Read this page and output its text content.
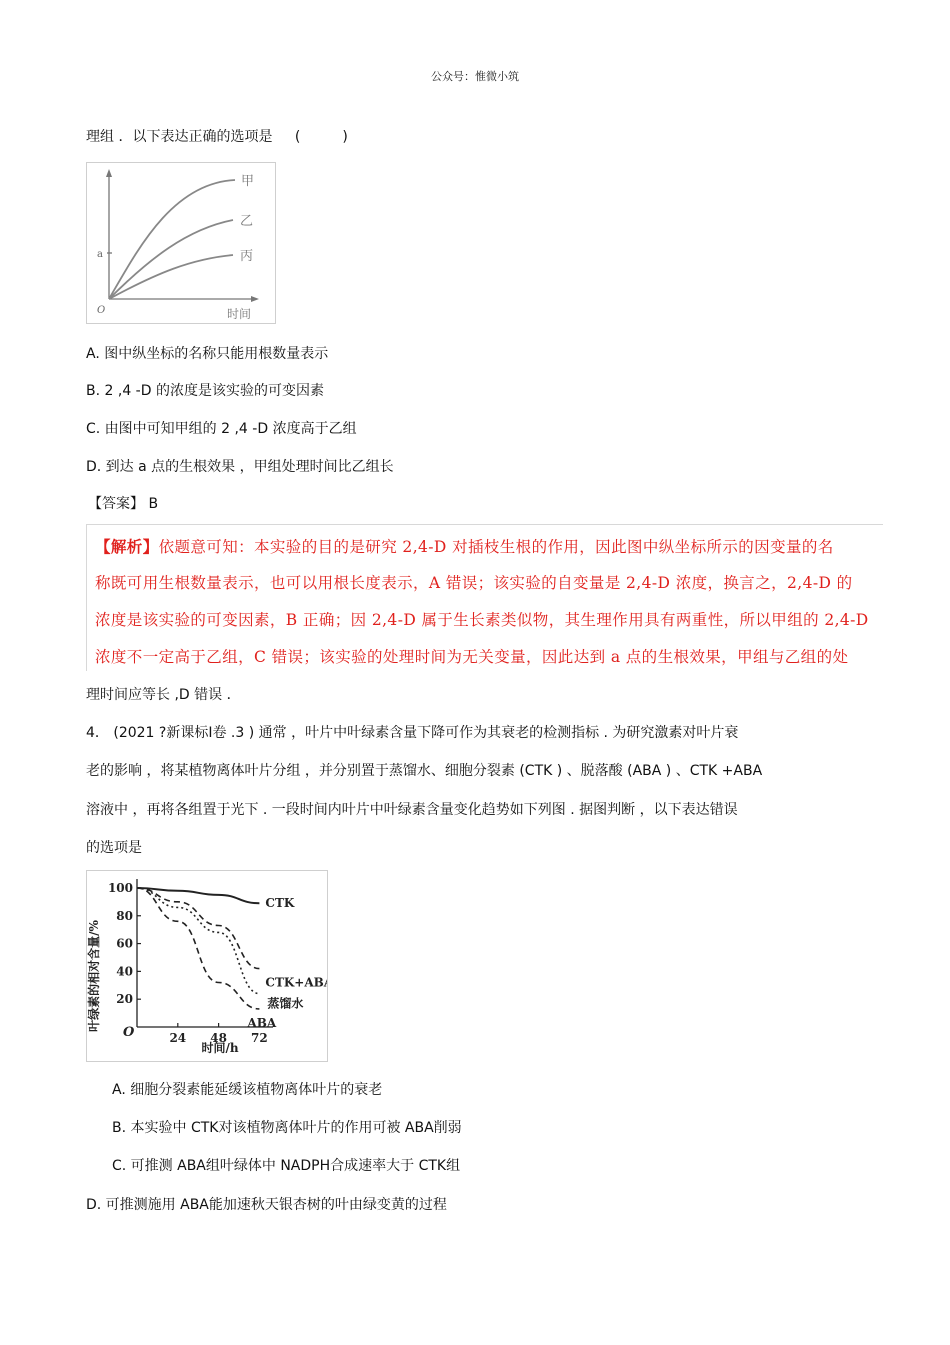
公众号：惟微小筑
理组 ．以下表达正确的选项是 (　　　)
a
O
甲
乙
丙
时间
A. 图中纵坐标的名称只能用根数量表示
B. 2 ,4 -D 的浓度是该实验的可变因素
C. 由图中可知甲组的 2 ,4 -D 浓度高于乙组
D. 到达 a 点的生根效果 ，甲组处理时间比乙组长
【答案】 B
【解析】依题意可知：本实验的目的是研究 2,4-D 对插枝生根的作用，因此图中纵坐标所示的因变量的名
称既可用生根数量表示，也可以用根长度表示，A 错误；该实验的自变量是 2,4-D 浓度，换言之，2,4-D 的
浓度是该实验的可变因素，B 正确；因 2,4-D 属于生长素类似物，其生理作用具有两重性，所以甲组的 2,4-D
浓度不一定高于乙组，C 错误；该实验的处理时间为无关变量，因此达到 a 点的生根效果，甲组与乙组的处
理时间应等长 ,D 错误 ．
4． (2021 ?新课标Ⅰ卷 .3 ) 通常 ，叶片中叶绿素含量下降可作为其衰老的检测指标 . 为研究激素对叶片衰
老的影响 ，将某植物离体叶片分组 ，并分别置于蒸馏水、细胞分裂素 (CTK ) 、脱落酸 (ABA ) 、CTK +ABA
溶液中 ，再将各组置于光下 . 一段时间内叶片中叶绿素含量变化趋势如下列图 . 据图判断 ，以下表达错误
的选项是
20
40
60
80
100
24 48 72
CTK
CTK+ABA
蒸馏水
ABA
叶绿素的相对含量/%
时间/h
O
A. 细胞分裂素能延缓该植物离体叶片的衰老
B. 本实验中 CTK对该植物离体叶片的作用可被 ABA削弱
C. 可推测 ABA组叶绿体中 NADPH合成速率大于 CTK组
D. 可推测施用 ABA能加速秋天银杏树的叶由绿变黄的过程
